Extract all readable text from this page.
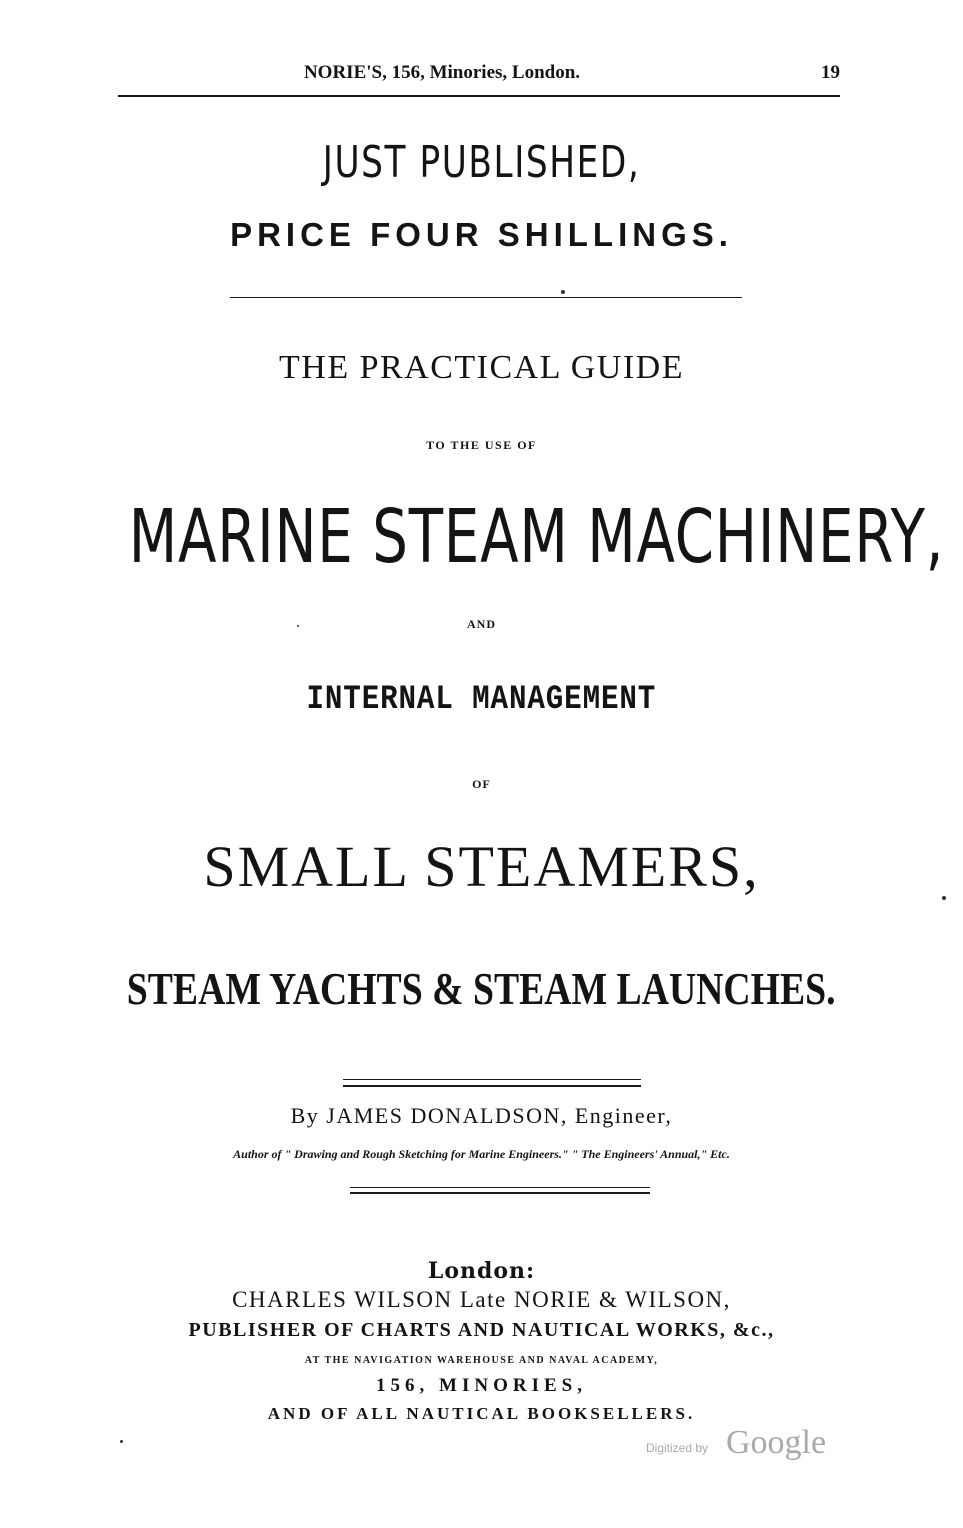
NORIE'S, 156, Minories, London.	19
JUST PUBLISHED,
PRICE FOUR SHILLINGS.
THE PRACTICAL GUIDE
TO THE USE OF
MARINE STEAM MACHINERY,
AND
INTERNAL MANAGEMENT
OF
SMALL STEAMERS,
STEAM YACHTS & STEAM LAUNCHES.
By JAMES DONALDSON, Engineer,
Author of " Drawing and Rough Sketching for Marine Engineers." " The Engineers' Annual," Etc.
London:
CHARLES WILSON Late NORIE & WILSON,
PUBLISHER OF CHARTS AND NAUTICAL WORKS, &c.,
AT THE NAVIGATION WAREHOUSE AND NAVAL ACADEMY,
156, MINORIES,
AND OF ALL NAUTICAL BOOKSELLERS.
Digitized by Google
